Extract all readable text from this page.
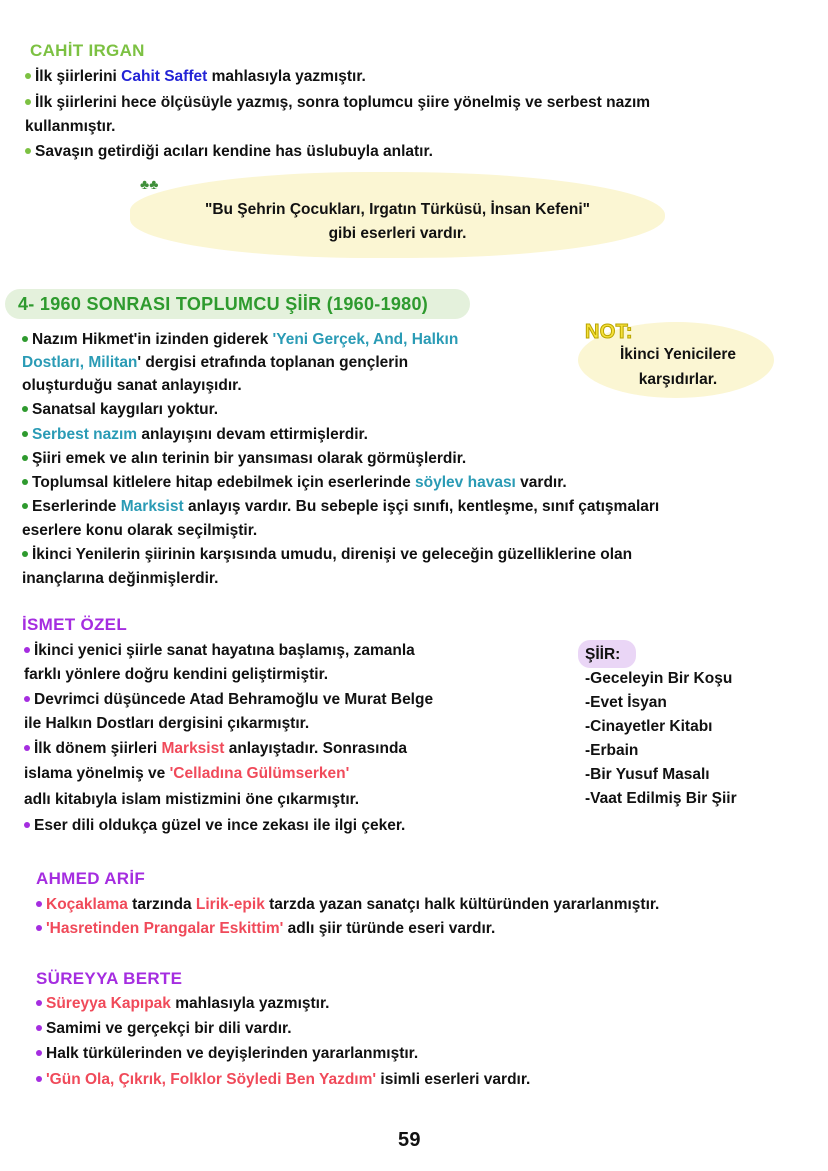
♣♣
CAHİT IRGAN
4- 1960 SONRASI TOPLUMCU ŞİİR (1960-1980)
İSMET ÖZEL
AHMED ARİF
SÜREYYA BERTE
"Bu Şehrin Çocukları, Irgatın Türküsü, İnsan Kefeni"
gibi eserleri vardır.
NOT:
İkinci Yenicilere
karşıdırlar.
ŞİİR:
-Geceleyin Bir Koşu
-Evet İsyan
-Cinayetler Kitabı
-Erbain
-Bir Yusuf Masalı
-Vaat Edilmiş Bir Şiir
İlk şiirlerini Cahit Saffet mahlasıyla yazmıştır.
İlk şiirlerini hece ölçüsüyle yazmış, sonra toplumcu şiire yönelmiş ve serbest nazım
kullanmıştır.
Savaşın getirdiği acıları kendine has üslubuyla anlatır.
Nazım Hikmet'in izinden giderek 'Yeni Gerçek, And, Halkın
Dostları, Militan' dergisi etrafında toplanan gençlerin
oluşturduğu sanat anlayışıdır.
Sanatsal kaygıları yoktur.
Serbest nazım anlayışını devam ettirmişlerdir.
Şiiri emek ve alın terinin bir yansıması olarak görmüşlerdir.
Toplumsal kitlelere hitap edebilmek için eserlerinde söylev havası vardır.
Eserlerinde Marksist anlayış vardır. Bu sebeple işçi sınıfı, kentleşme, sınıf çatışmaları
eserlere konu olarak seçilmiştir.
İkinci Yenilerin şiirinin karşısında umudu, direnişi ve geleceğin güzelliklerine olan
inançlarına değinmişlerdir.
İkinci yenici şiirle sanat hayatına başlamış, zamanla
farklı yönlere doğru kendini geliştirmiştir.
Devrimci düşüncede Atad Behramoğlu ve Murat Belge
ile Halkın Dostları dergisini çıkarmıştır.
İlk dönem şiirleri Marksist anlayıştadır. Sonrasında
islama yönelmiş ve 'Celladına Gülümserken'
adlı kitabıyla islam mistizmini öne çıkarmıştır.
Eser dili oldukça güzel ve ince zekası ile ilgi çeker.
Koçaklama tarzında Lirik-epik tarzda yazan sanatçı halk kültüründen yararlanmıştır.
'Hasretinden Prangalar Eskittim' adlı şiir türünde eseri vardır.
Süreyya Kapıpak mahlasıyla yazmıştır.
Samimi ve gerçekçi bir dili vardır.
Halk türkülerinden ve deyişlerinden yararlanmıştır.
'Gün Ola, Çıkrık, Folklor Söyledi Ben Yazdım' isimli eserleri vardır.
59
